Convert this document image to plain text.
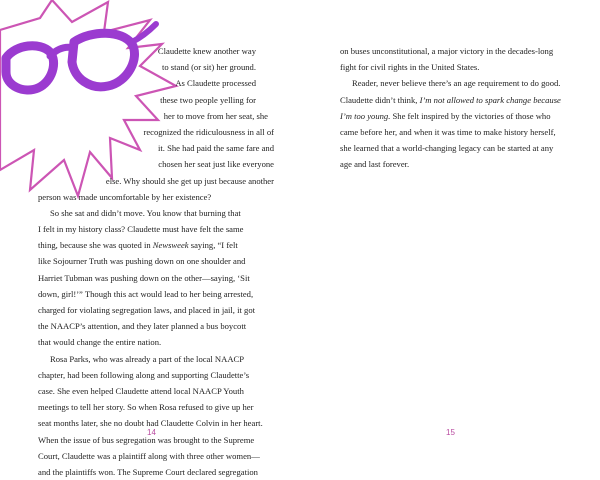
Claudette knew another way
to stand (or sit) her ground.
As Claudette processed
these two people yelling for
her to move from her seat, she
recognized the ridiculousness in all of
it. She had paid the same fare and
chosen her seat just like everyone
else. Why should she get up just because another
person was made uncomfortable by her existence?
So she sat and didn’t move. You know that burning that
I felt in my history class? Claudette must have felt the same
thing, because she was quoted in Newsweek saying, “I felt
like Sojourner Truth was pushing down on one shoulder and
Harriet Tubman was pushing down on the other—saying, ‘Sit
down, girl!’” Though this act would lead to her being arrested,
charged for violating segregation laws, and placed in jail, it got
the NAACP’s attention, and they later planned a bus boycott
that would change the entire nation.
Rosa Parks, who was already a part of the local NAACP
chapter, had been following along and supporting Claudette’s
case. She even helped Claudette attend local NAACP Youth
meetings to tell her story. So when Rosa refused to give up her
seat months later, she no doubt had Claudette Colvin in her heart.
When the issue of bus segregation was brought to the Supreme
Court, Claudette was a plaintiff along with three other women—
and the plaintiffs won. The Supreme Court declared segregation
14
on buses unconstitutional, a major victory in the decades-long
fight for civil rights in the United States.
Reader, never believe there’s an age requirement to do good.
Claudette didn’t think, I’m not allowed to spark change because
I’m too young. She felt inspired by the victories of those who
came before her, and when it was time to make history herself,
she learned that a world-changing legacy can be started at any
age and last forever.
15
